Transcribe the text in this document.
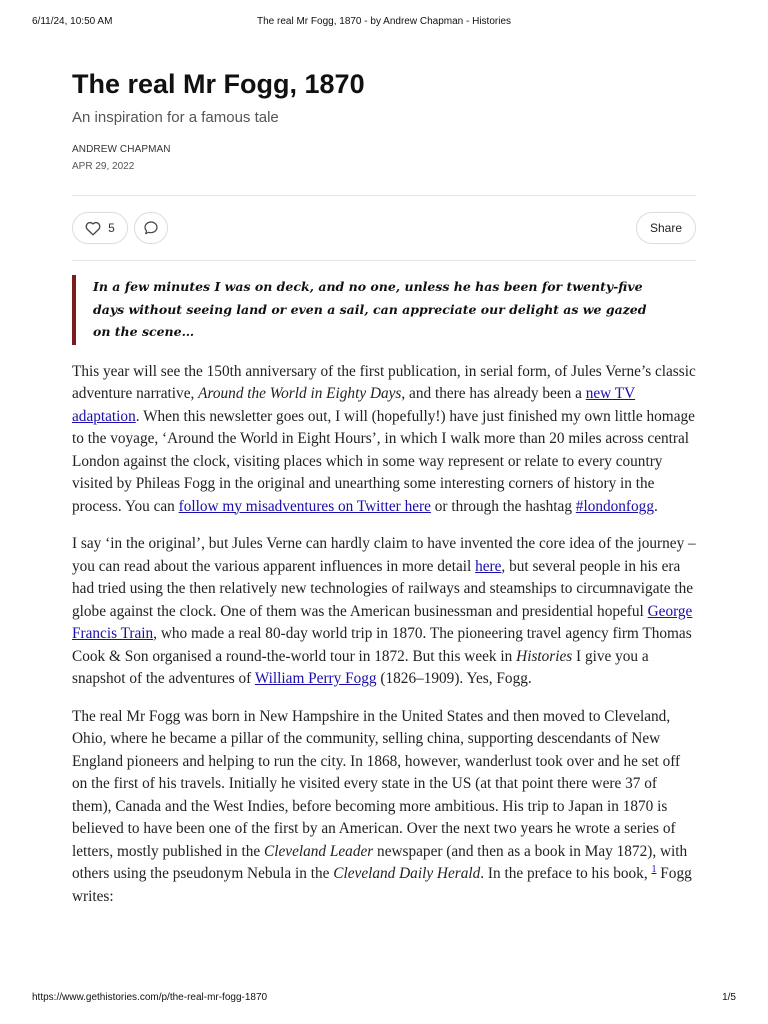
6/11/24, 10:50 AM	The real Mr Fogg, 1870 - by Andrew Chapman - Histories
The real Mr Fogg, 1870
An inspiration for a famous tale
ANDREW CHAPMAN
APR 29, 2022
5	Share
In a few minutes I was on deck, and no one, unless he has been for twenty-five days without seeing land or even a sail, can appreciate our delight as we gazed on the scene…

This year will see the 150th anniversary of the first publication, in serial form, of Jules Verne’s classic adventure narrative, Around the World in Eighty Days, and there has already been a new TV adaptation. When this newsletter goes out, I will (hopefully!) have just finished my own little homage to the voyage, ‘Around the World in Eight Hours’, in which I walk more than 20 miles across central London against the clock, visiting places which in some way represent or relate to every country visited by Phileas Fogg in the original and unearthing some interesting corners of history in the process. You can follow my misadventures on Twitter here or through the hashtag #londonfogg.

I say ‘in the original’, but Jules Verne can hardly claim to have invented the core idea of the journey – you can read about the various apparent influences in more detail here, but several people in his era had tried using the then relatively new technologies of railways and steamships to circumnavigate the globe against the clock. One of them was the American businessman and presidential hopeful George Francis Train, who made a real 80-day world trip in 1870. The pioneering travel agency firm Thomas Cook & Son organised a round-the-world tour in 1872. But this week in Histories I give you a snapshot of the adventures of William Perry Fogg (1826–1909). Yes, Fogg.

The real Mr Fogg was born in New Hampshire in the United States and then moved to Cleveland, Ohio, where he became a pillar of the community, selling china, supporting descendants of New England pioneers and helping to run the city. In 1868, however, wanderlust took over and he set off on the first of his travels. Initially he visited every state in the US (at that point there were 37 of them), Canada and the West Indies, before becoming more ambitious. His trip to Japan in 1870 is believed to have been one of the first by an American. Over the next two years he wrote a series of letters, mostly published in the Cleveland Leader newspaper (and then as a book in May 1872), with others using the pseudonym Nebula in the Cleveland Daily Herald. In the preface to his book, $^1$ Fogg writes:

https://www.gethistories.com/p/the-real-mr-fogg-1870	1/5
